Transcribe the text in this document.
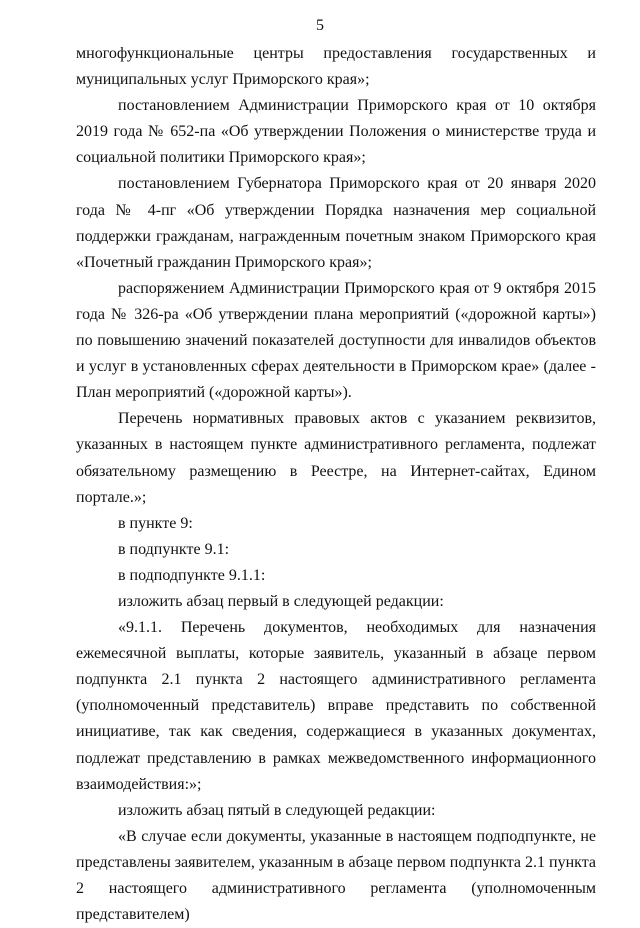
5

многофункциональные центры предоставления государственных и муниципальных услуг Приморского края»;

постановлением Администрации Приморского края от 10 октября 2019 года № 652-па «Об утверждении Положения о министерстве труда и социальной политики Приморского края»;

постановлением Губернатора Приморского края от 20 января 2020 года № 4-пг «Об утверждении Порядка назначения мер социальной поддержки гражданам, награжденным почетным знаком Приморского края «Почетный гражданин Приморского края»;

распоряжением Администрации Приморского края от 9 октября 2015 года № 326-ра «Об утверждении плана мероприятий («дорожной карты») по повышению значений показателей доступности для инвалидов объектов и услуг в установленных сферах деятельности в Приморском крае» (далее - План мероприятий («дорожной карты»).

Перечень нормативных правовых актов с указанием реквизитов, указанных в настоящем пункте административного регламента, подлежат обязательному размещению в Реестре, на Интернет-сайтах, Едином портале.»;

в пункте 9:

в подпункте 9.1:

в подподпункте 9.1.1:

изложить абзац первый в следующей редакции:

«9.1.1. Перечень документов, необходимых для назначения ежемесячной выплаты, которые заявитель, указанный в абзаце первом подпункта 2.1 пункта 2 настоящего административного регламента (уполномоченный представитель) вправе представить по собственной инициативе, так как сведения, содержащиеся в указанных документах, подлежат представлению в рамках межведомственного информационного взаимодействия:»;

изложить абзац пятый в следующей редакции:

«В случае если документы, указанные в настоящем подподпункте, не представлены заявителем, указанным в абзаце первом подпункта 2.1 пункта 2 настоящего административного регламента (уполномоченным представителем)
